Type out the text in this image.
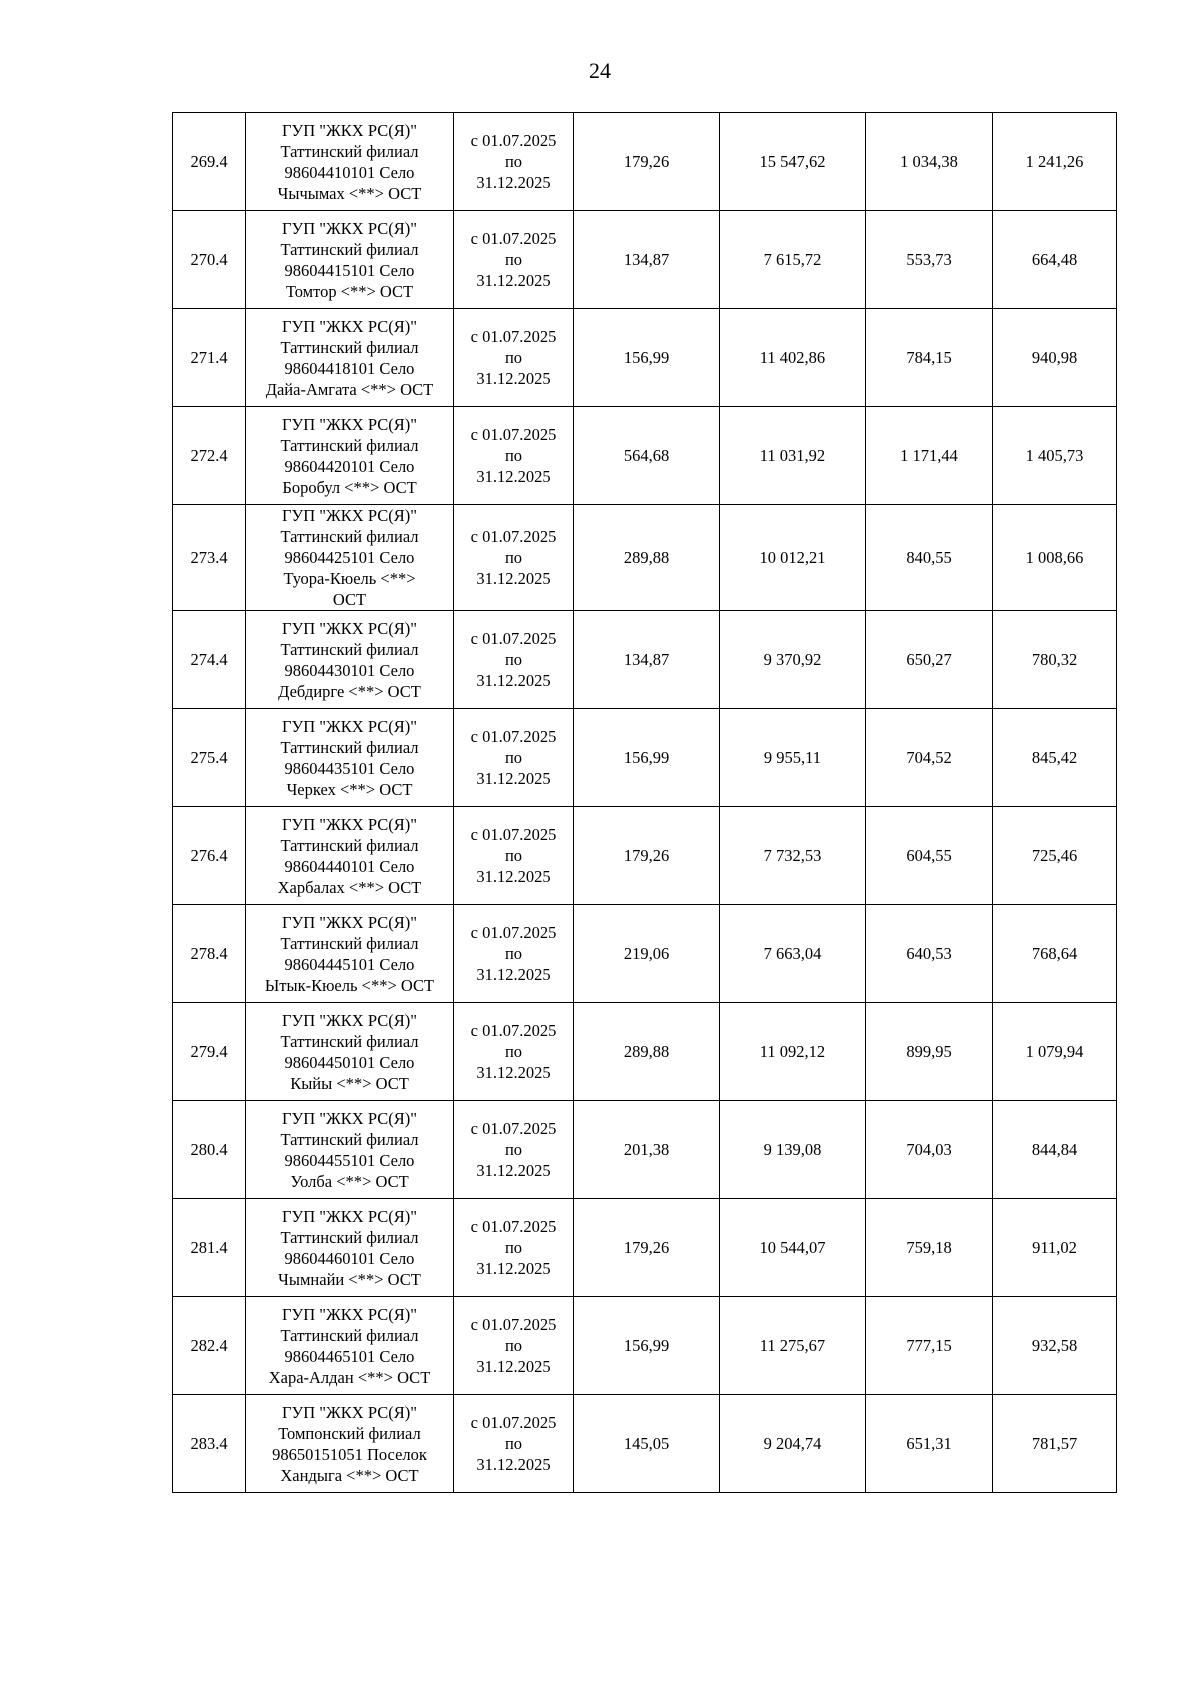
24
269.4	ГУП "ЖКХ РС(Я)"
Таттинский филиал
98604410101 Село
Чычымах <**> ОСТ	с 01.07.2025
по
31.12.2025	179,26	15 547,62	1 034,38	1 241,26
270.4	ГУП "ЖКХ РС(Я)"
Таттинский филиал
98604415101 Село
Томтор <**> ОСТ	с 01.07.2025
по
31.12.2025	134,87	7 615,72	553,73	664,48
271.4	ГУП "ЖКХ РС(Я)"
Таттинский филиал
98604418101 Село
Дайа-Амгата <**> ОСТ	с 01.07.2025
по
31.12.2025	156,99	11 402,86	784,15	940,98
272.4	ГУП "ЖКХ РС(Я)"
Таттинский филиал
98604420101 Село
Боробул <**> ОСТ	с 01.07.2025
по
31.12.2025	564,68	11 031,92	1 171,44	1 405,73
273.4	ГУП "ЖКХ РС(Я)"
Таттинский филиал
98604425101 Село
Туора-Кюель <**>
ОСТ	с 01.07.2025
по
31.12.2025	289,88	10 012,21	840,55	1 008,66
274.4	ГУП "ЖКХ РС(Я)"
Таттинский филиал
98604430101 Село
Дебдирге <**> ОСТ	с 01.07.2025
по
31.12.2025	134,87	9 370,92	650,27	780,32
275.4	ГУП "ЖКХ РС(Я)"
Таттинский филиал
98604435101 Село
Черкех <**> ОСТ	с 01.07.2025
по
31.12.2025	156,99	9 955,11	704,52	845,42
276.4	ГУП "ЖКХ РС(Я)"
Таттинский филиал
98604440101 Село
Харбалах <**> ОСТ	с 01.07.2025
по
31.12.2025	179,26	7 732,53	604,55	725,46
278.4	ГУП "ЖКХ РС(Я)"
Таттинский филиал
98604445101 Село
Ытык-Кюель <**> ОСТ	с 01.07.2025
по
31.12.2025	219,06	7 663,04	640,53	768,64
279.4	ГУП "ЖКХ РС(Я)"
Таттинский филиал
98604450101 Село
Кыйы <**> ОСТ	с 01.07.2025
по
31.12.2025	289,88	11 092,12	899,95	1 079,94
280.4	ГУП "ЖКХ РС(Я)"
Таттинский филиал
98604455101 Село
Уолба <**> ОСТ	с 01.07.2025
по
31.12.2025	201,38	9 139,08	704,03	844,84
281.4	ГУП "ЖКХ РС(Я)"
Таттинский филиал
98604460101 Село
Чымнайи <**> ОСТ	с 01.07.2025
по
31.12.2025	179,26	10 544,07	759,18	911,02
282.4	ГУП "ЖКХ РС(Я)"
Таттинский филиал
98604465101 Село
Хара-Алдан <**> ОСТ	с 01.07.2025
по
31.12.2025	156,99	11 275,67	777,15	932,58
283.4	ГУП "ЖКХ РС(Я)"
Томпонский филиал
98650151051 Поселок
Хандыга <**> ОСТ	с 01.07.2025
по
31.12.2025	145,05	9 204,74	651,31	781,57
